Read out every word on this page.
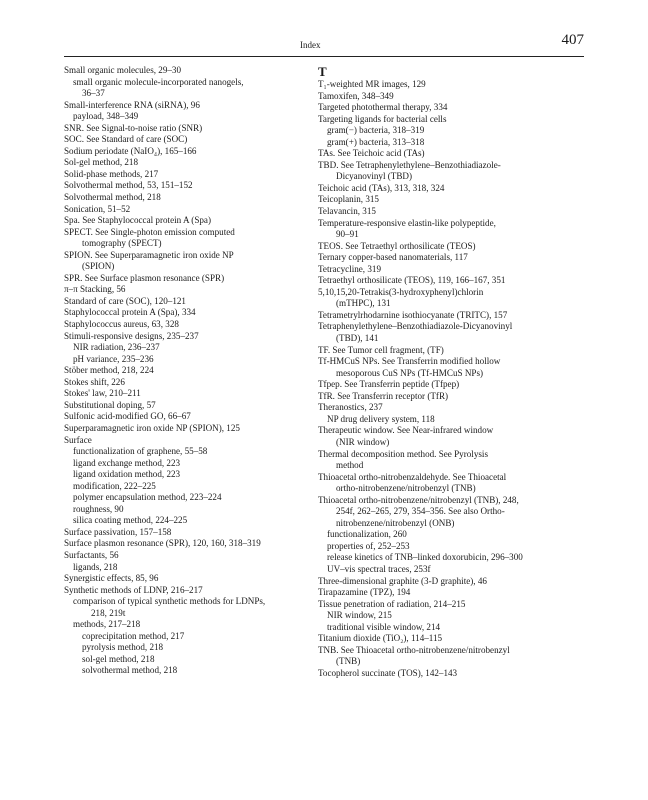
Index	407
Small organic molecules, 29–30
small organic molecule-incorporated nanogels,
36–37
Small-interference RNA (siRNA), 96
payload, 348–349
SNR. See Signal-to-noise ratio (SNR)
SOC. See Standard of care (SOC)
Sodium periodate (NaIO₄), 165–166
Sol-gel method, 218
Solid-phase methods, 217
Solvothermal method, 53, 151–152
Solvothermal method, 218
Sonication, 51–52
Spa. See Staphylococcal protein A (Spa)
SPECT. See Single-photon emission computed
tomography (SPECT)
SPION. See Superparamagnetic iron oxide NP
(SPION)
SPR. See Surface plasmon resonance (SPR)
π–π Stacking, 56
Standard of care (SOC), 120–121
Staphylococcal protein A (Spa), 334
Staphylococcus aureus, 63, 328
Stimuli-responsive designs, 235–237
NIR radiation, 236–237
pH variance, 235–236
Stöber method, 218, 224
Stokes shift, 226
Stokes' law, 210–211
Substitutional doping, 57
Sulfonic acid-modified GO, 66–67
Superparamagnetic iron oxide NP (SPION), 125
Surface
functionalization of graphene, 55–58
ligand exchange method, 223
ligand oxidation method, 223
modification, 222–225
polymer encapsulation method, 223–224
roughness, 90
silica coating method, 224–225
Surface passivation, 157–158
Surface plasmon resonance (SPR), 120, 160, 318–319
Surfactants, 56
ligands, 218
Synergistic effects, 85, 96
Synthetic methods of LDNP, 216–217
comparison of typical synthetic methods for LDNPs,
218, 219t
methods, 217–218
coprecipitation method, 217
pyrolysis method, 218
sol-gel method, 218
solvothermal method, 218
T
T₁-weighted MR images, 129
Tamoxifen, 348–349
Targeted photothermal therapy, 334
Targeting ligands for bacterial cells
gram(−) bacteria, 318–319
gram(+) bacteria, 313–318
TAs. See Teichoic acid (TAs)
TBD. See Tetraphenylethylene–Benzothiadiazole-
Dicyanovinyl (TBD)
Teichoic acid (TAs), 313, 318, 324
Teicoplanin, 315
Telavancin, 315
Temperature-responsive elastin-like polypeptide,
90–91
TEOS. See Tetraethyl orthosilicate (TEOS)
Ternary copper-based nanomaterials, 117
Tetracycline, 319
Tetraethyl orthosilicate (TEOS), 119, 166–167, 351
5,10,15,20-Tetrakis(3-hydroxyphenyl)chlorin
(mTHPC), 131
Tetrametrylrhodarnine isothiocyanate (TRITC), 157
Tetraphenylethylene–Benzothiadiazole-Dicyanovinyl
(TBD), 141
TF. See Tumor cell fragment, (TF)
Tf-HMCuS NPs. See Transferrin modified hollow
mesoporous CuS NPs (Tf-HMCuS NPs)
Tfpep. See Transferrin peptide (Tfpep)
TfR. See Transferrin receptor (TfR)
Theranostics, 237
NP drug delivery system, 118
Therapeutic window. See Near-infrared window
(NIR window)
Thermal decomposition method. See Pyrolysis
method
Thioacetal ortho-nitrobenzaldehyde. See Thioacetal
ortho-nitrobenzene/nitrobenzyl (TNB)
Thioacetal ortho-nitrobenzene/nitrobenzyl (TNB), 248,
254f, 262–265, 279, 354–356. See also Ortho-
nitrobenzene/nitrobenzyl (ONB)
functionalization, 260
properties of, 252–253
release kinetics of TNB–linked doxorubicin, 296–300
UV–vis spectral traces, 253f
Three-dimensional graphite (3-D graphite), 46
Tirapazamine (TPZ), 194
Tissue penetration of radiation, 214–215
NIR window, 215
traditional visible window, 214
Titanium dioxide (TiO₂), 114–115
TNB. See Thioacetal ortho-nitrobenzene/nitrobenzyl
(TNB)
Tocopherol succinate (TOS), 142–143
